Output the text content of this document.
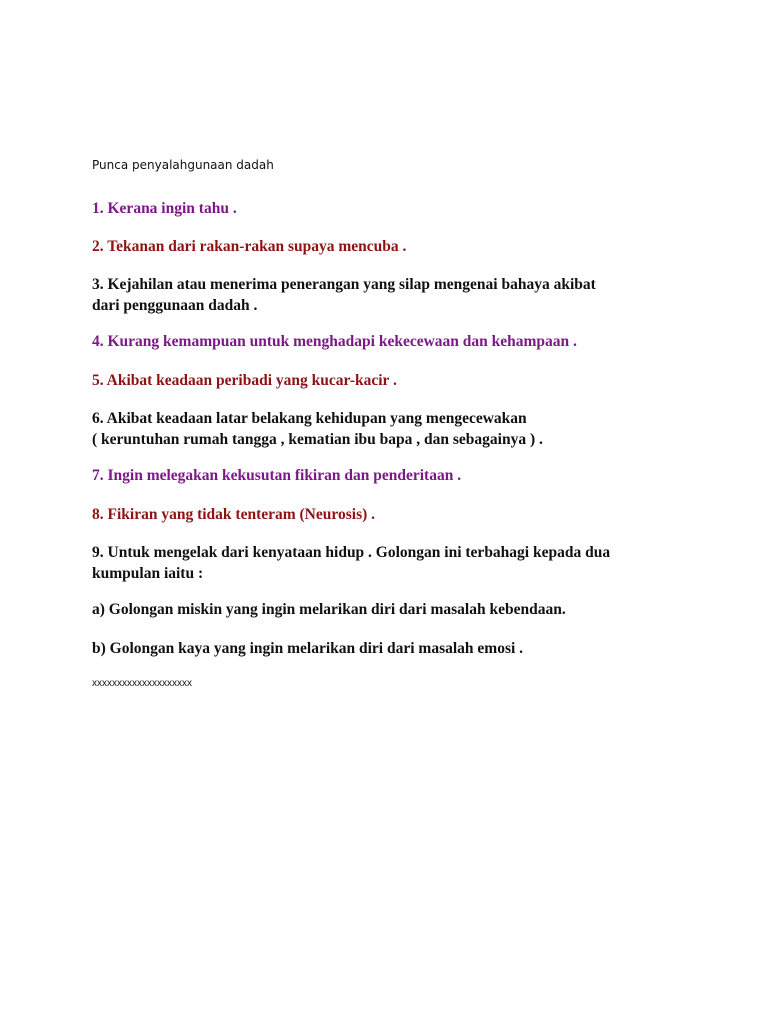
Punca penyalahgunaan dadah

1. Kerana ingin tahu .

2. Tekanan dari rakan-rakan supaya mencuba .

3. Kejahilan atau menerima penerangan yang silap mengenai bahaya akibat
dari penggunaan dadah .

4. Kurang kemampuan untuk menghadapi kekecewaan dan kehampaan .

5. Akibat keadaan peribadi yang kucar-kacir .

6. Akibat keadaan latar belakang kehidupan yang mengecewakan
( keruntuhan rumah tangga , kematian ibu bapa , dan sebagainya ) .

7. Ingin melegakan kekusutan fikiran dan penderitaan .

8. Fikiran yang tidak tenteram (Neurosis) .

9. Untuk mengelak dari kenyataan hidup . Golongan ini terbahagi kepada dua
kumpulan iaitu :

a) Golongan miskin yang ingin melarikan diri dari masalah kebendaan.

b) Golongan kaya yang ingin melarikan diri dari masalah emosi .

xxxxxxxxxxxxxxxxxxxx
